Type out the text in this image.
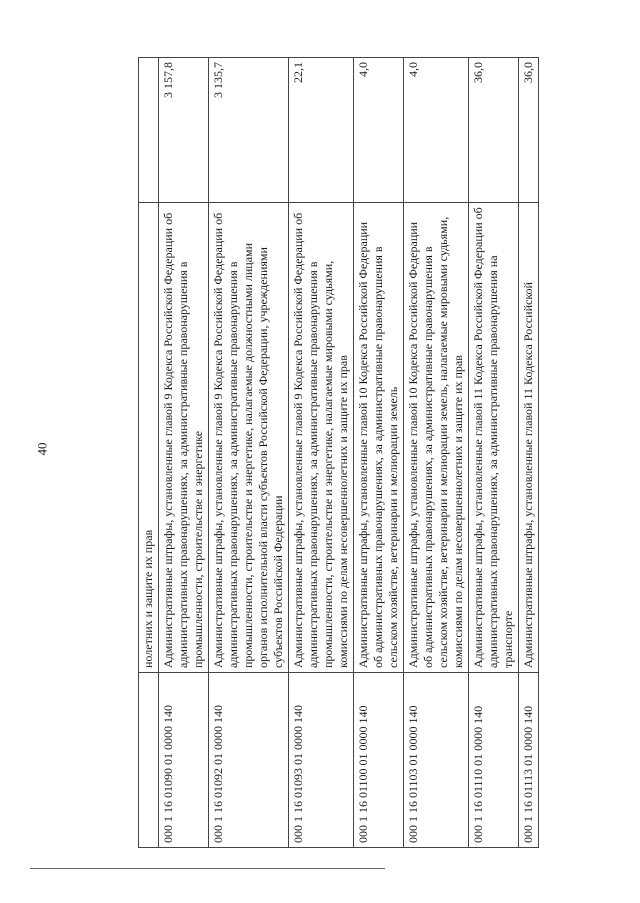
40
	нолетних и защите их прав	
000 1 16 01090 01 0000 140	Административные штрафы, установленные главой 9 Кодекса Российской Федерации об административных правонарушениях, за административные правонарушения в промышленности, строительстве и энергетике	3 157,8
000 1 16 01092 01 0000 140	Административные штрафы, установленные главой 9 Кодекса Российской Федерации об административных правонарушениях, за административные правонарушения в промышленности, строительстве и энергетике, налагаемые должностными лицами органов исполнительной власти субъектов Российской Федерации, учреждениями субъектов Российской Федерации	3 135,7
000 1 16 01093 01 0000 140	Административные штрафы, установленные главой 9 Кодекса Российской Федерации об административных правонарушениях, за административные правонарушения в промышленности, строительстве и энергетике, налагаемые мировыми судьями, комиссиями по делам несовершеннолетних и защите их прав	22,1
000 1 16 01100 01 0000 140	Административные штрафы, установленные главой 10 Кодекса Российской Федерации об административных правонарушениях, за административные правонарушения в сельском хозяйстве, ветеринарии и мелиорации земель	4,0
000 1 16 01103 01 0000 140	Административные штрафы, установленные главой 10 Кодекса Российской Федерации об административных правонарушениях, за административные правонарушения в сельском хозяйстве, ветеринарии и мелиорации земель, налагаемые мировыми судьями, комиссиями по делам несовершеннолетних и защите их прав	4,0
000 1 16 01110 01 0000 140	Административные штрафы, установленные главой 11 Кодекса Российской Федерации об административных правонарушениях, за административные правонарушения на транспорте	36,0
000 1 16 01113 01 0000 140	Административные штрафы, установленные главой 11 Кодекса Российской	36,0
